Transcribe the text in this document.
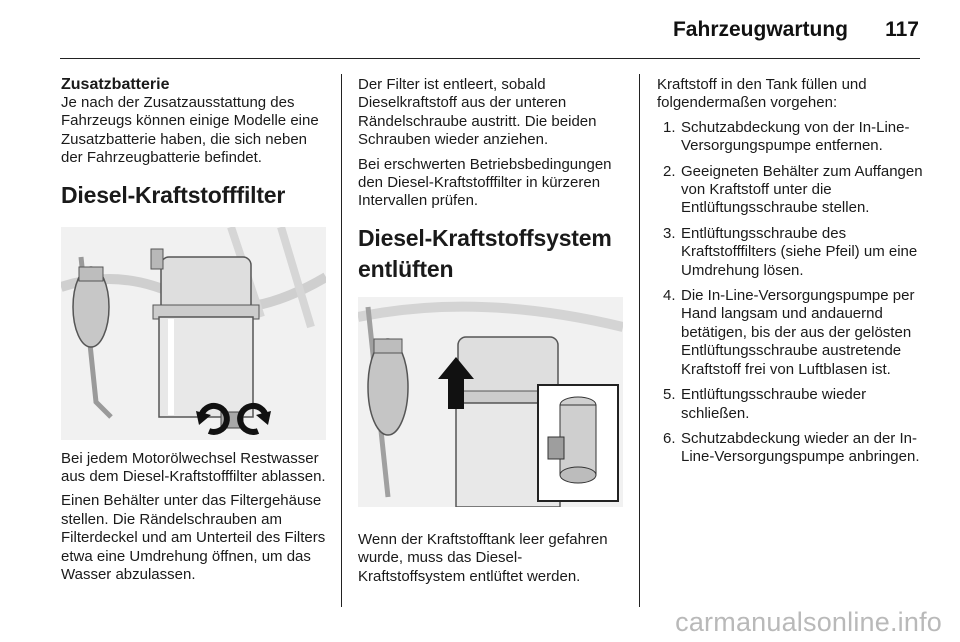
Fahrzeugwartung 117
Zusatzbatterie

Je nach der Zusatzausstattung des Fahrzeugs können einige Modelle eine Zusatzbatterie haben, die sich neben der Fahrzeugbatterie befindet.

Diesel-Kraftstofffilter

Bei jedem Motorölwechsel Restwasser aus dem Diesel-Kraftstofffilter ablassen.

Einen Behälter unter das Filtergehäuse stellen. Die Rändelschrauben am Filterdeckel und am Unterteil des Filters etwa eine Umdrehung öffnen, um das Wasser abzulassen.

Der Filter ist entleert, sobald Dieselkraftstoff aus der unteren Rändelschraube austritt. Die beiden Schrauben wieder anziehen.

Bei erschwerten Betriebsbedingungen den Diesel-Kraftstofffilter in kürzeren Intervallen prüfen.

Diesel-Kraftstoffsystem entlüften

Wenn der Kraftstofftank leer gefahren wurde, muss das Diesel-Kraftstoffsystem entlüftet werden.

Kraftstoff in den Tank füllen und folgendermaßen vorgehen:

1. Schutzabdeckung von der In-Line-Versorgungspumpe entfernen.
2. Geeigneten Behälter zum Auffangen von Kraftstoff unter die Entlüftungsschraube stellen.
3. Entlüftungsschraube des Kraftstofffilters (siehe Pfeil) um eine Umdrehung lösen.
4. Die In-Line-Versorgungspumpe per Hand langsam und andauernd betätigen, bis der aus der gelösten Entlüftungsschraube austretende Kraftstoff frei von Luftblasen ist.
5. Entlüftungsschraube wieder schließen.
6. Schutzabdeckung wieder an der In-Line-Versorgungspumpe anbringen.
carmanualsonline.info
